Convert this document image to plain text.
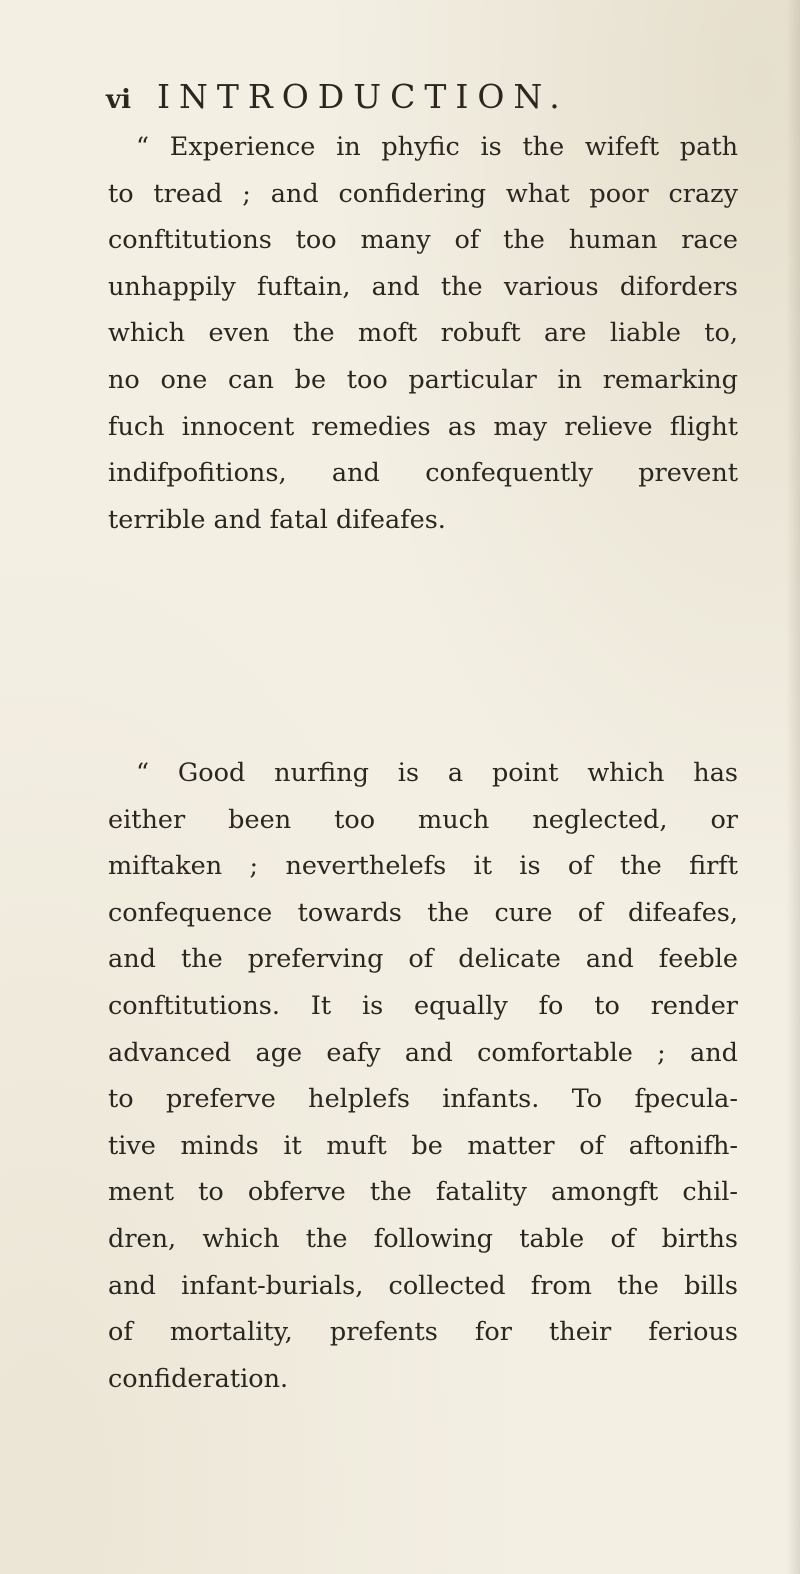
vi INTRODUCTION.
“ Experience in phyfic is the wifeft path
to tread ; and confidering what poor crazy
conftitutions too many of the human race
unhappily fuftain, and the various diforders
which even the moft robuft are liable to,
no one can be too particular in remarking
fuch innocent remedies as may relieve flight
indifpofitions, and confequently prevent
terrible and fatal difeafes.
“ Good nurfing is a point which has
either been too much neglected, or
miftaken ; neverthelefs it is of the firft
confequence towards the cure of difeafes,
and the preferving of delicate and feeble
conftitutions. It is equally fo to render
advanced age eafy and comfortable ; and
to preferve helplefs infants. To fpecula-
tive minds it muft be matter of aftonifh-
ment to obferve the fatality amongft chil-
dren, which the following table of births
and infant-burials, collected from the bills
of mortality, prefents for their ferious
confideration.
